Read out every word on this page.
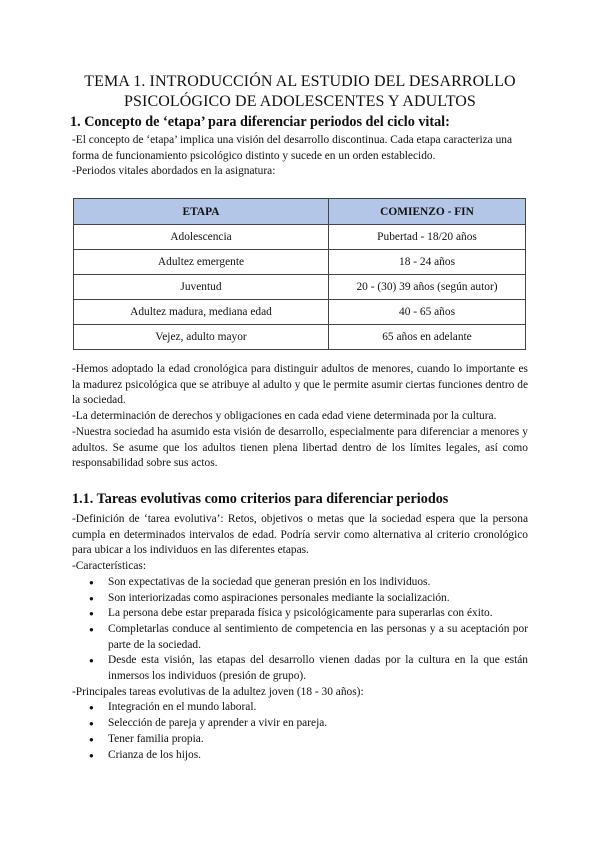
TEMA 1. INTRODUCCIÓN AL ESTUDIO DEL DESARROLLO
PSICOLÓGICO DE ADOLESCENTES Y ADULTOS
1. Concepto de ‘etapa’ para diferenciar periodos del ciclo vital:

-El concepto de ‘etapa’ implica una visión del desarrollo discontinua. Cada etapa caracteriza una forma de funcionamiento psicológico distinto y sucede en un orden establecido.

-Periodos vitales abordados en la asignatura:

ETAPA	COMIENZO - FIN
Adolescencia	Pubertad - 18/20 años
Adultez emergente	18 - 24 años
Juventud	20 - (30) 39 años (según autor)
Adultez madura, mediana edad	40 - 65 años
Vejez, adulto mayor	65 años en adelante

-Hemos adoptado la edad cronológica para distinguir adultos de menores, cuando lo importante es la madurez psicológica que se atribuye al adulto y que le permite asumir ciertas funciones dentro de la sociedad.

-La determinación de derechos y obligaciones en cada edad viene determinada por la cultura.

-Nuestra sociedad ha asumido esta visión de desarrollo, especialmente para diferenciar a menores y adultos. Se asume que los adultos tienen plena libertad dentro de los límites legales, así como responsabilidad sobre sus actos.

1.1. Tareas evolutivas como criterios para diferenciar periodos

-Definición de ‘tarea evolutiva’: Retos, objetivos o metas que la sociedad espera que la persona cumpla en determinados intervalos de edad. Podría servir como alternativa al criterio cronológico para ubicar a los individuos en las diferentes etapas.

-Características:

● Son expectativas de la sociedad que generan presión en los individuos.
● Son interiorizadas como aspiraciones personales mediante la socialización.
● La persona debe estar preparada física y psicológicamente para superarlas con éxito.
● Completarlas conduce al sentimiento de competencia en las personas y a su aceptación por parte de la sociedad.
● Desde esta visión, las etapas del desarrollo vienen dadas por la cultura en la que están inmersos los individuos (presión de grupo).

-Principales tareas evolutivas de la adultez joven (18 - 30 años):

● Integración en el mundo laboral.
● Selección de pareja y aprender a vivir en pareja.
● Tener familia propia.
● Crianza de los hijos.
